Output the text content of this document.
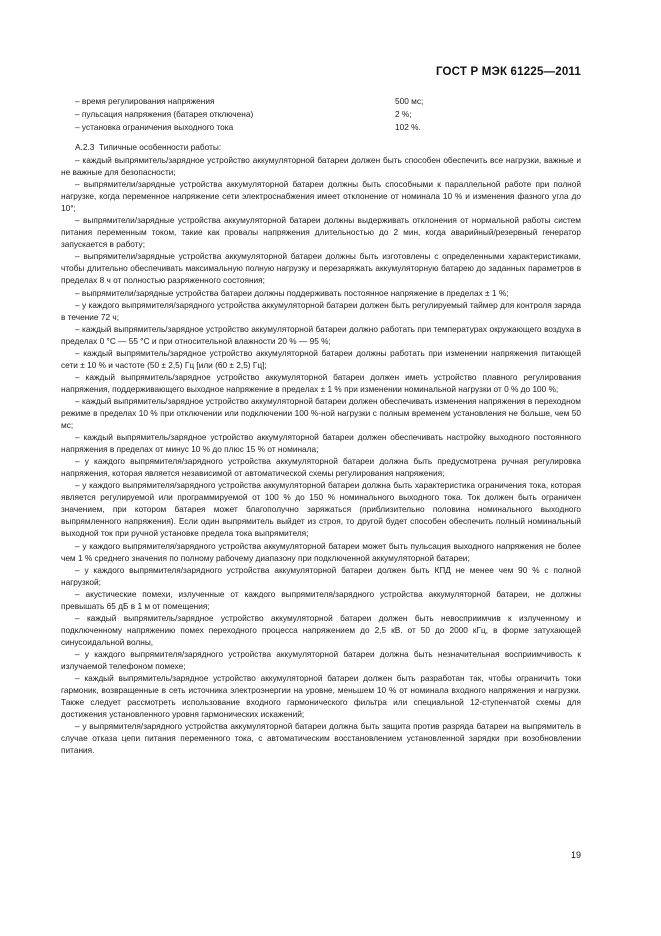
ГОСТ Р МЭК 61225—2011
– время регулирования напряжения	500 мс;
– пульсация напряжения (батарея отключена)	2 %;
– установка ограничения выходного тока	102 %.

А.2.3 Типичные особенности работы:

– каждый выпрямитель/зарядное устройство аккумуляторной батареи должен быть способен обеспечить все нагрузки, важные и не важные для безопасности;

– выпрямители/зарядные устройства аккумуляторной батареи должны быть способными к параллельной работе при полной нагрузке, когда переменное напряжение сети электроснабжения имеет отклонение от номинала 10 % и изменения фазного угла до 10°;

– выпрямители/зарядные устройства аккумуляторной батареи должны выдерживать отклонения от нормальной работы систем питания переменным током, такие как провалы напряжения длительностью до 2 мин, когда аварийный/резервный генератор запускается в работу;

– выпрямители/зарядные устройства аккумуляторной батареи должны быть изготовлены с определенными характеристиками, чтобы длительно обеспечивать максимальную полную нагрузку и перезаряжать аккумуляторную батарею до заданных параметров в пределах 8 ч от полностью разряженного состояния;

– выпрямители/зарядные устройства батареи должны поддерживать постоянное напряжение в пределах ± 1 %;

– у каждого выпрямителя/зарядного устройства аккумуляторной батареи должен быть регулируемый таймер для контроля заряда в течение 72 ч;

– каждый выпрямитель/зарядное устройство аккумуляторной батареи должно работать при температурах окружающего воздуха в пределах 0 °С — 55 °С и при относительной влажности 20 % — 95 %;

– каждый выпрямитель/зарядное устройство аккумуляторной батареи должны работать при изменении напряжения питающей сети ± 10 % и частоте (50 ± 2,5) Гц [или (60 ± 2,5) Гц];

– каждый выпрямитель/зарядное устройство аккумуляторной батареи должен иметь устройство плавного регулирования напряжения, поддерживающего выходное напряжение в пределах ± 1 % при изменении номинальной нагрузки от 0 % до 100 %;

– каждый выпрямитель/зарядное устройство аккумуляторной батареи должен обеспечивать изменения напряжения в переходном режиме в пределах 10 % при отключении или подключении 100 %-ной нагрузки с полным временем установления не больше, чем 50 мс;

– каждый выпрямитель/зарядное устройство аккумуляторной батареи должен обеспечивать настройку выходного постоянного напряжения в пределах от минус 10 % до плюс 15 % от номинала;

– у каждого выпрямителя/зарядного устройства аккумуляторной батареи должна быть предусмотрена ручная регулировка напряжения, которая является независимой от автоматической схемы регулирования напряжения;

– у каждого выпрямителя/зарядного устройства аккумуляторной батареи должна быть характеристика ограничения тока, которая является регулируемой или программируемой от 100 % до 150 % номинального выходного тока. Ток должен быть ограничен значением, при котором батарея может благополучно заряжаться (приблизительно половина номинального выходного выпрямленного напряжения). Если один выпрямитель выйдет из строя, то другой будет способен обеспечить полный номинальный выходной ток при ручной установке предела тока выпрямителя;

– у каждого выпрямителя/зарядного устройства аккумуляторной батареи может быть пульсация выходного напряжения не более чем 1 % среднего значения по полному рабочему диапазону при подключенной аккумуляторной батареи;

– у каждого выпрямителя/зарядного устройства аккумуляторной батареи должен быть КПД не менее чем 90 % с полной нагрузкой;

– акустические помехи, излученные от каждого выпрямителя/зарядного устройства аккумуляторной батареи, не должны превышать 65 дБ в 1 м от помещения;

– каждый выпрямитель/зарядное устройство аккумуляторной батареи должен быть невосприимчив к излученному и подключенному напряжению помех переходного процесса напряжением до 2,5 кВ. от 50 до 2000 кГц, в форме затухающей синусоидальной волны,

– у каждого выпрямителя/зарядного устройства аккумуляторной батареи должна быть незначительная восприимчивость к излучаемой телефоном помехе;

– каждый выпрямитель/зарядное устройство аккумуляторной батареи должен быть разработан так, чтобы ограничить токи гармоник, возвращенные в сеть источника электроэнергии на уровне, меньшем 10 % от номинала входного напряжения и нагрузки. Также следует рассмотреть использование входного гармонического фильтра или специальной 12-ступенчатой схемы для достижения установленного уровня гармонических искажений;

– у выпрямителя/зарядного устройства аккумуляторной батареи должна быть защита против разряда батареи на выпрямитель в случае отказа цепи питания переменного тока, с автоматическим восстановлением установленной зарядки при возобновлении питания.

19
